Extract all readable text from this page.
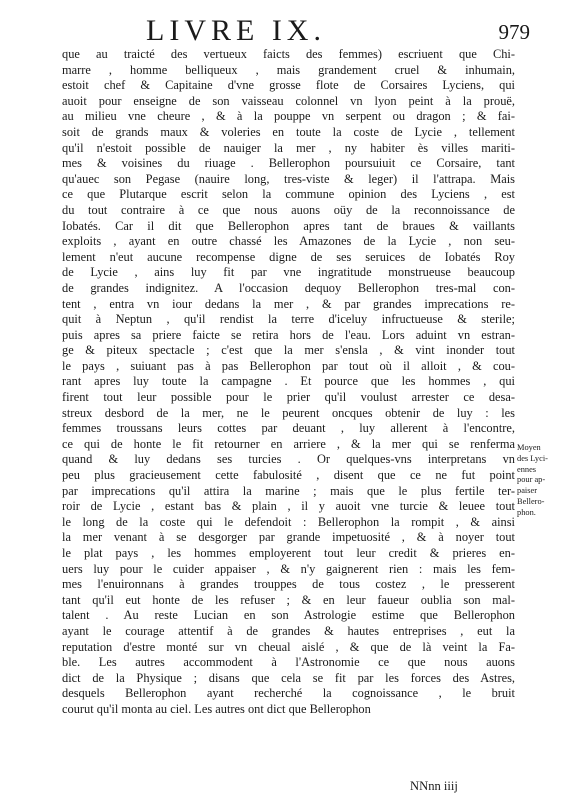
LIVRE IX.	979
que au traicté des vertueux faicts des femmes) escriuent que Chi-
marre , homme belliqueux , mais grandement cruel & inhumain,
estoit chef & Capitaine d'vne grosse flote de Corsaires Lyciens, qui
auoit pour enseigne de son vaisseau colonnel vn lyon peint à la prouë,
au milieu vne cheure , & à la pouppe vn serpent ou dragon ; & fai-
soit de grands maux & voleries en toute la coste de Lycie , tellement
qu'il n'estoit possible de nauiger la mer , ny habiter ès villes mariti-
mes & voisines du riuage . Bellerophon poursuiuit ce Corsaire, tant
qu'auec son Pegase (nauire long, tres-viste & leger) il l'attrapa. Mais
ce que Plutarque escrit selon la commune opinion des Lyciens , est
du tout contraire à ce que nous auons oüy de la reconnoissance de
Iobatés. Car il dit que Bellerophon apres tant de braues & vaillants
exploits , ayant en outre chassé les Amazones de la Lycie , non seu-
lement n'eut aucune recompense digne de ses seruices de Iobatés Roy
de Lycie , ains luy fit par vne ingratitude monstrueuse beaucoup
de grandes indignitez. A l'occasion dequoy Bellerophon tres-mal con-
tent , entra vn iour dedans la mer , & par grandes imprecations re-
quit à Neptun , qu'il rendist la terre d'iceluy infructueuse & sterile;
puis apres sa priere faicte se retira hors de l'eau. Lors aduint vn estran-
ge & piteux spectacle ; c'est que la mer s'ensla , & vint inonder tout
le pays , suiuant pas à pas Bellerophon par tout où il alloit , & cou-
rant apres luy toute la campagne . Et pource que les hommes , qui
firent tout leur possible pour le prier qu'il voulust arrester ce desa-
streux desbord de la mer, ne le peurent oncques obtenir de luy : les
femmes troussans leurs cottes par deuant , luy allerent à l'encontre,
ce qui de honte le fit retourner en arriere , & la mer qui se renferma
quand & luy dedans ses turcies . Or quelques-vns interpretans vn
peu plus gracieusement cette fabulosité , disent que ce ne fut point
par imprecations qu'il attira la marine ; mais que le plus fertile ter-
roir de Lycie , estant bas & plain , il y auoit vne turcie & leuee tout
le long de la coste qui le defendoit : Bellerophon la rompit , & ainsi
la mer venant à se desgorger par grande impetuosité , & à noyer tout
le plat pays , les hommes employerent tout leur credit & prieres en-
uers luy pour le cuider appaiser , & n'y gaignerent rien : mais les fem-
mes l'enuironnans à grandes trouppes de tous costez , le presserent
tant qu'il eut honte de les refuser ; & en leur faueur oublia son mal-
talent . Au reste Lucian en son Astrologie estime que Bellerophon
ayant le courage attentif à de grandes & hautes entreprises , eut la
reputation d'estre monté sur vn cheual aislé , & que de là veint la Fa-
ble. Les autres accommodent à l'Astronomie ce que nous auons
dict de la Physique ; disans que cela se fit par les forces des Astres,
desquels Bellerophon ayant recherché la cognoissance , le bruit
courut qu'il monta au ciel. Les autres ont dict que Bellerophon
Moyen
des Lyci-
ennes
pour ap-
paiser
Bellero-
phon.
NNnn iiij
